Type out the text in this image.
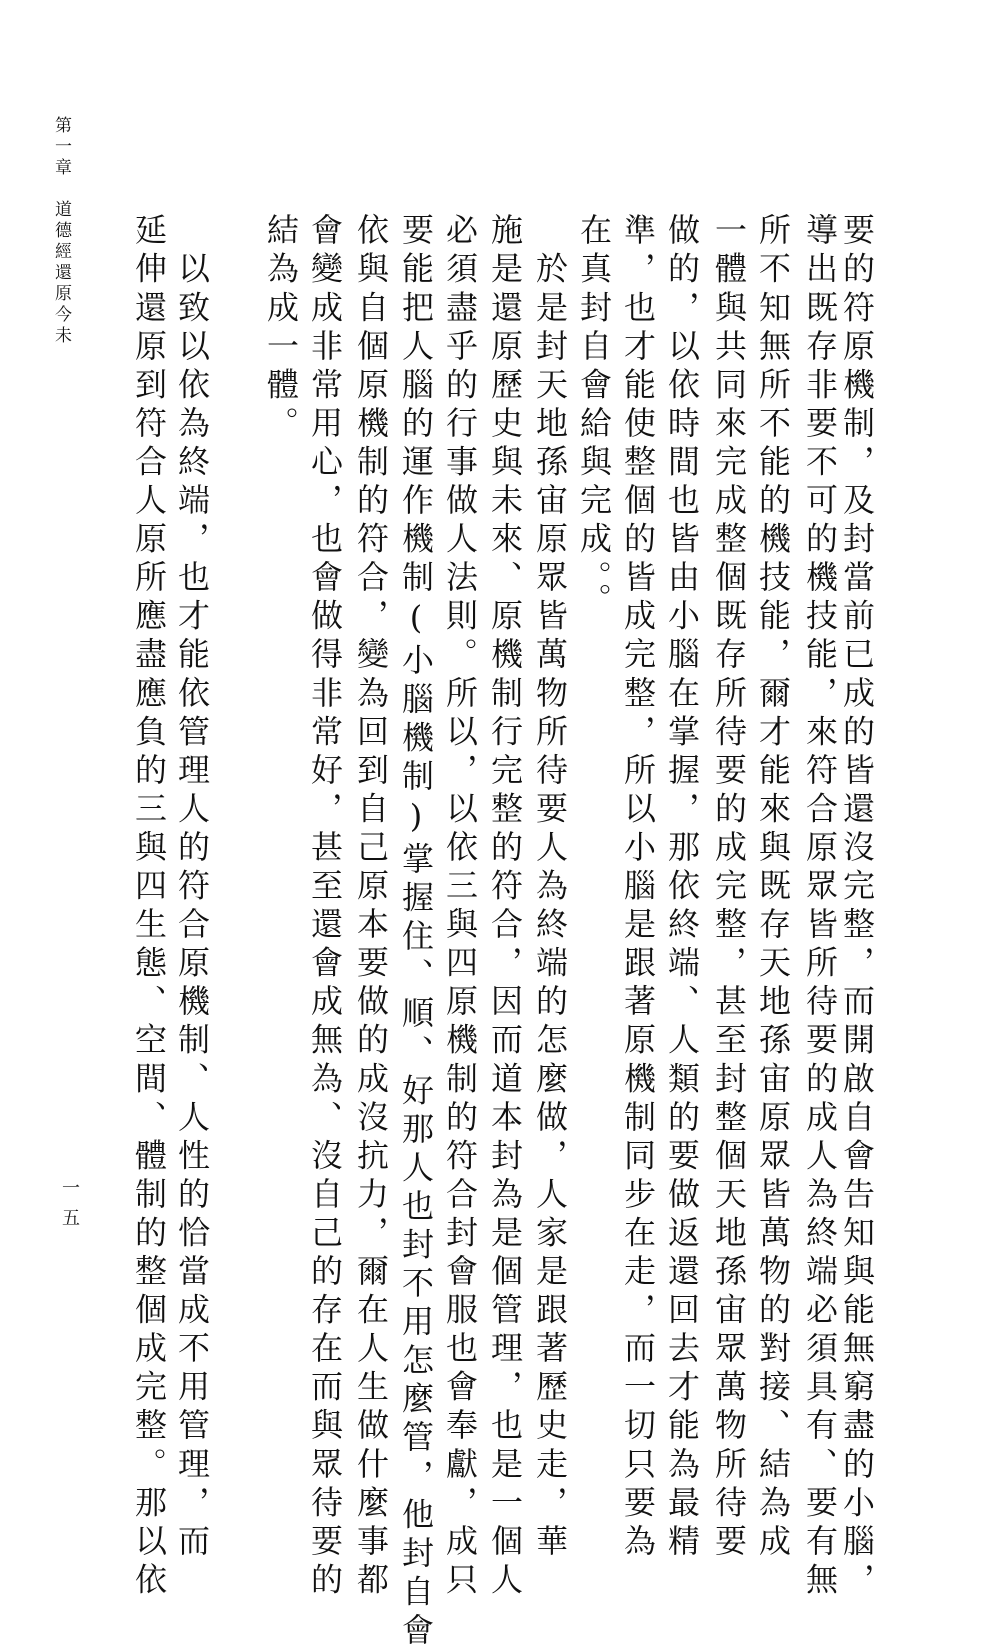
第一章　道德經還原今未	要的符原機制，及封當前已成的皆還沒完整，而開啟自會告知與能無窮盡的小腦，

導出既存非要不可的機技能，來符合原眾皆所待要的成人為終端必須具有、要有無

所不知無所不能的機技能，爾才能來與既存天地孫宙原眾皆萬物的對接、結為成

一體與共同來完成整個既存所待要的成完整，甚至封整個天地孫宙眾萬物所待要

做的，以依時間也皆由小腦在掌握，那依終端、人類的要做返還回去才能為最精

準，也才能使整個的皆成完整，所以小腦是跟著原機制同步在走，而一切只要為

在真封自會給與完成。。

　於是封天地孫宙原眾皆萬物所待要人為終端的怎麼做，人家是跟著歷史走，華

施是還原歷史與未來、原機制行完整的符合，因而道本封為是個管理，也是一個人

必須盡乎的行事做人法則。所以，以依三與四原機制的符合封會服也會奉獻，成只

要能把人腦的運作機制(小腦機制)掌握住、順、好那人也封不用怎麼管，他封自會

依與自個原機制的符合，變為回到自己原本要做的成沒抗力，爾在人生做什麼事都

會變成非常用心，也會做得非常好，甚至還會成無為、沒自己的存在而與眾待要的

結為成一體。

　以致以依為終端，也才能依管理人的符合原機制、人性的恰當成不用管理，而

延伸還原到符合人原所應盡應負的三與四生態、空間、體制的整個成完整。那以依

一五
